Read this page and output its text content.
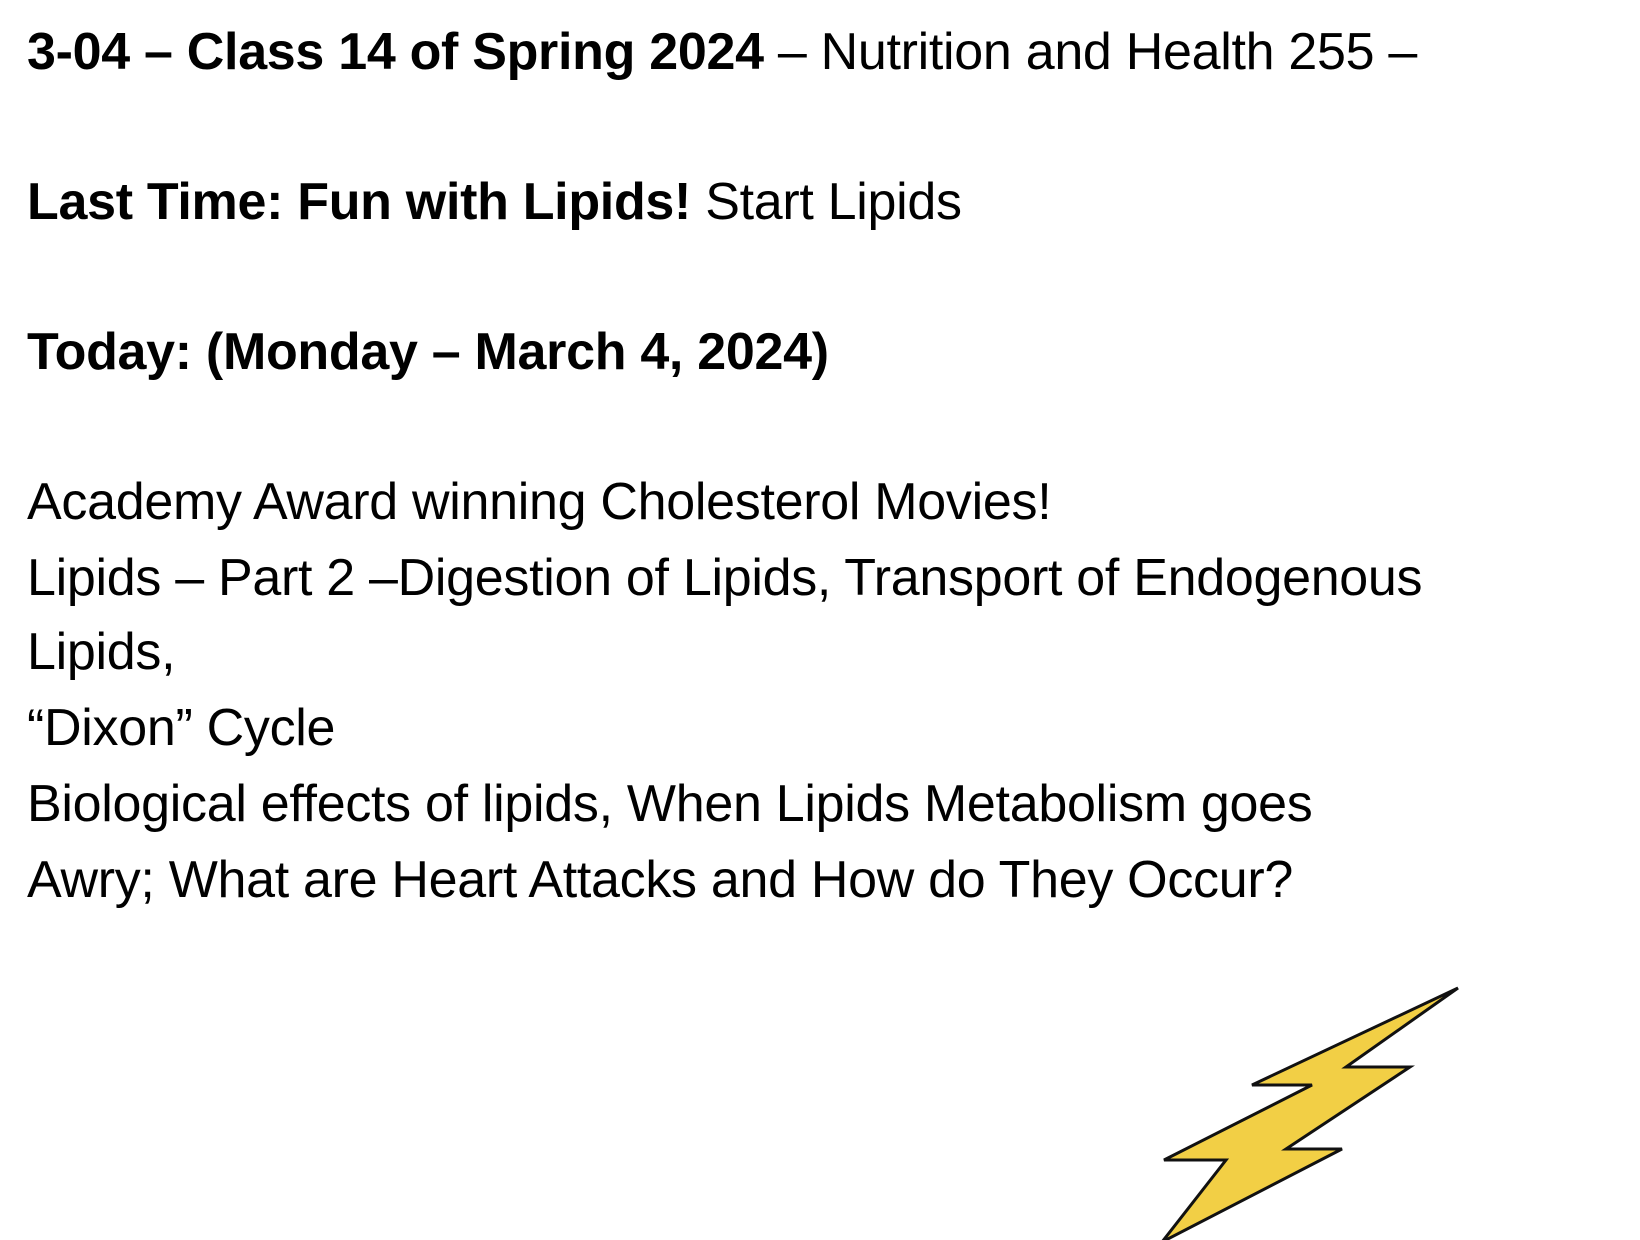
3-04 – Class 14 of Spring 2024 – Nutrition and Health 255 –
Last Time: Fun with Lipids! Start Lipids
Today: (Monday – March 4, 2024)
Academy Award winning Cholesterol Movies!
Lipids – Part 2 –Digestion of Lipids, Transport of Endogenous
Lipids,
“Dixon” Cycle
Biological effects of lipids, When Lipids Metabolism goes
Awry; What are Heart Attacks and How do They Occur?
